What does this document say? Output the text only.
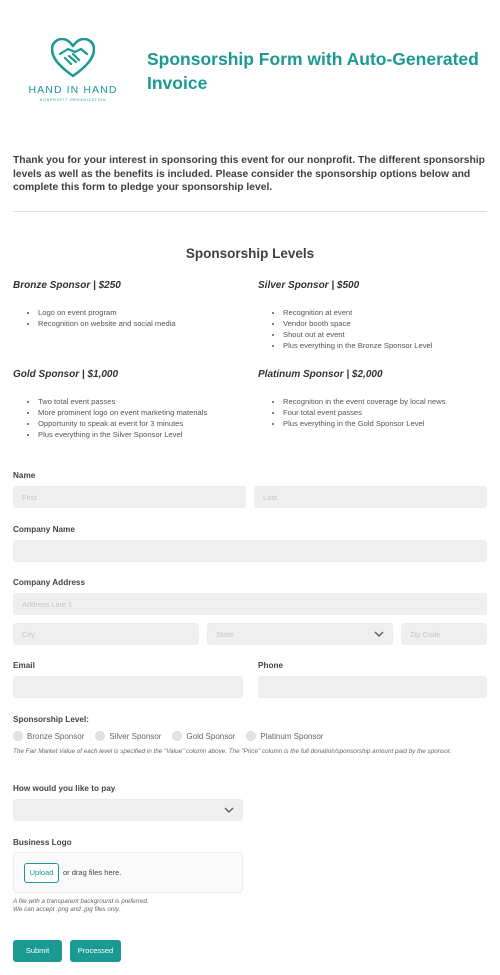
HAND IN HAND
NONPROFIT ORGANIZATION
Sponsorship Form with Auto-Generated Invoice
Thank you for your interest in sponsoring this event for our nonprofit. The different sponsorship levels as well as the benefits is included. Please consider the sponsorship options below and complete this form to pledge your sponsorship level.
Sponsorship Levels
Bronze Sponsor | $250
• Logo on event program
• Recognition on website and social media
Silver Sponsor | $500
• Recognition at event
• Vendor booth space
• Shout out at event
• Plus everything in the Bronze Sponsor Level
Gold Sponsor | $1,000
• Two total event passes
• More prominent logo on event marketing materials
• Opportunity to speak at event for 3 minutes
• Plus everything in the Silver Sponsor Level
Platinum Sponsor | $2,000
• Recognition in the event coverage by local news
• Four total event passes
• Plus everything in the Gold Sponsor Level
Name
First
Last
Company Name
Company Address
Address Line 1
City
State
Zip Code
Email	Phone
Sponsorship Level:
Bronze Sponsor	Silver Sponsor	Gold Sponsor	Platinum Sponsor
The Fair Market Value of each level is specified in the "Value" column above. The "Price" column is the full donation/sponsorship amount paid by the sponsor.
How would you like to pay
Business Logo
Upload	or drag files here.
A file with a transparent background is preferred.
We can accept .png and .jpg files only.
Submit	Processed
